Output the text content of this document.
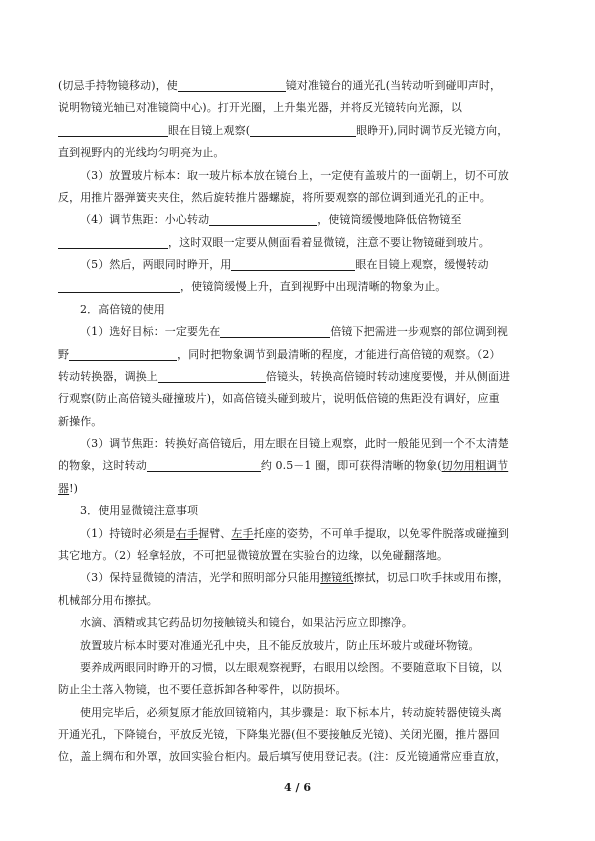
(切忌手持物镜移动)，使	镜对准镜台的通光孔(当转动听到碰叩声时，
说明物镜光轴已对准镜筒中心)。打开光圈，上升集光器，并将反光镜转向光源，以
眼在目镜上观察(	眼睁开),同时调节反光镜方向，
直到视野内的光线均匀明亮为止。
（3）放置玻片标本：取一玻片标本放在镜台上，一定使有盖玻片的一面朝上，切不可放
反，用推片器弹簧夹夹住，然后旋转推片器螺旋，将所要观察的部位调到通光孔的正中。
（4）调节焦距：小心转动	，使镜筒缓慢地降低倍物镜至
，这时双眼一定要从侧面看着显微镜，注意不要让物镜碰到玻片。
（5）然后，两眼同时睁开，用	眼在目镜上观察，缓慢转动
，使镜筒缓慢上升，直到视野中出现清晰的物象为止。
2．高倍镜的使用
（1）选好目标：一定要先在	倍镜下把需进一步观察的部位调到视
野	，同时把物象调节到最清晰的程度，才能进行高倍镜的观察。（2）
转动转换器，调换上	倍镜头，转换高倍镜时转动速度要慢，并从侧面进
行观察(防止高倍镜头碰撞玻片)，如高倍镜头碰到玻片，说明低倍镜的焦距没有调好，应重
新操作。
（3）调节焦距：转换好高倍镜后，用左眼在目镜上观察，此时一般能见到一个不太清楚
的物象，这时转动	约 0.5－1 圈，即可获得清晰的物象(切勿用粗调节
器!)
3．使用显微镜注意事项
（1）持镜时必须是右手握臂、左手托座的姿势，不可单手提取，以免零件脱落或碰撞到
其它地方。（2）轻拿轻放，不可把显微镜放置在实验台的边缘，以免碰翻落地。
（3）保持显微镜的清洁，光学和照明部分只能用擦镜纸擦拭，切忌口吹手抹或用布擦，
机械部分用布擦拭。
水滴、酒精或其它药品切勿接触镜头和镜台，如果沾污应立即擦净。
放置玻片标本时要对准通光孔中央，且不能反放玻片，防止压坏玻片或碰坏物镜。
要养成两眼同时睁开的习惯，以左眼观察视野，右眼用以绘图。不要随意取下目镜，以
防止尘土落入物镜，也不要任意拆卸各种零件，以防损坏。
使用完毕后，必须复原才能放回镜箱内，其步骤是：取下标本片，转动旋转器使镜头离
开通光孔，下降镜台，平放反光镜，下降集光器(但不要接触反光镜)、关闭光圈，推片器回
位，盖上绸布和外罩，放回实验台柜内。最后填写使用登记表。(注：反光镜通常应垂直放，
4 / 6
